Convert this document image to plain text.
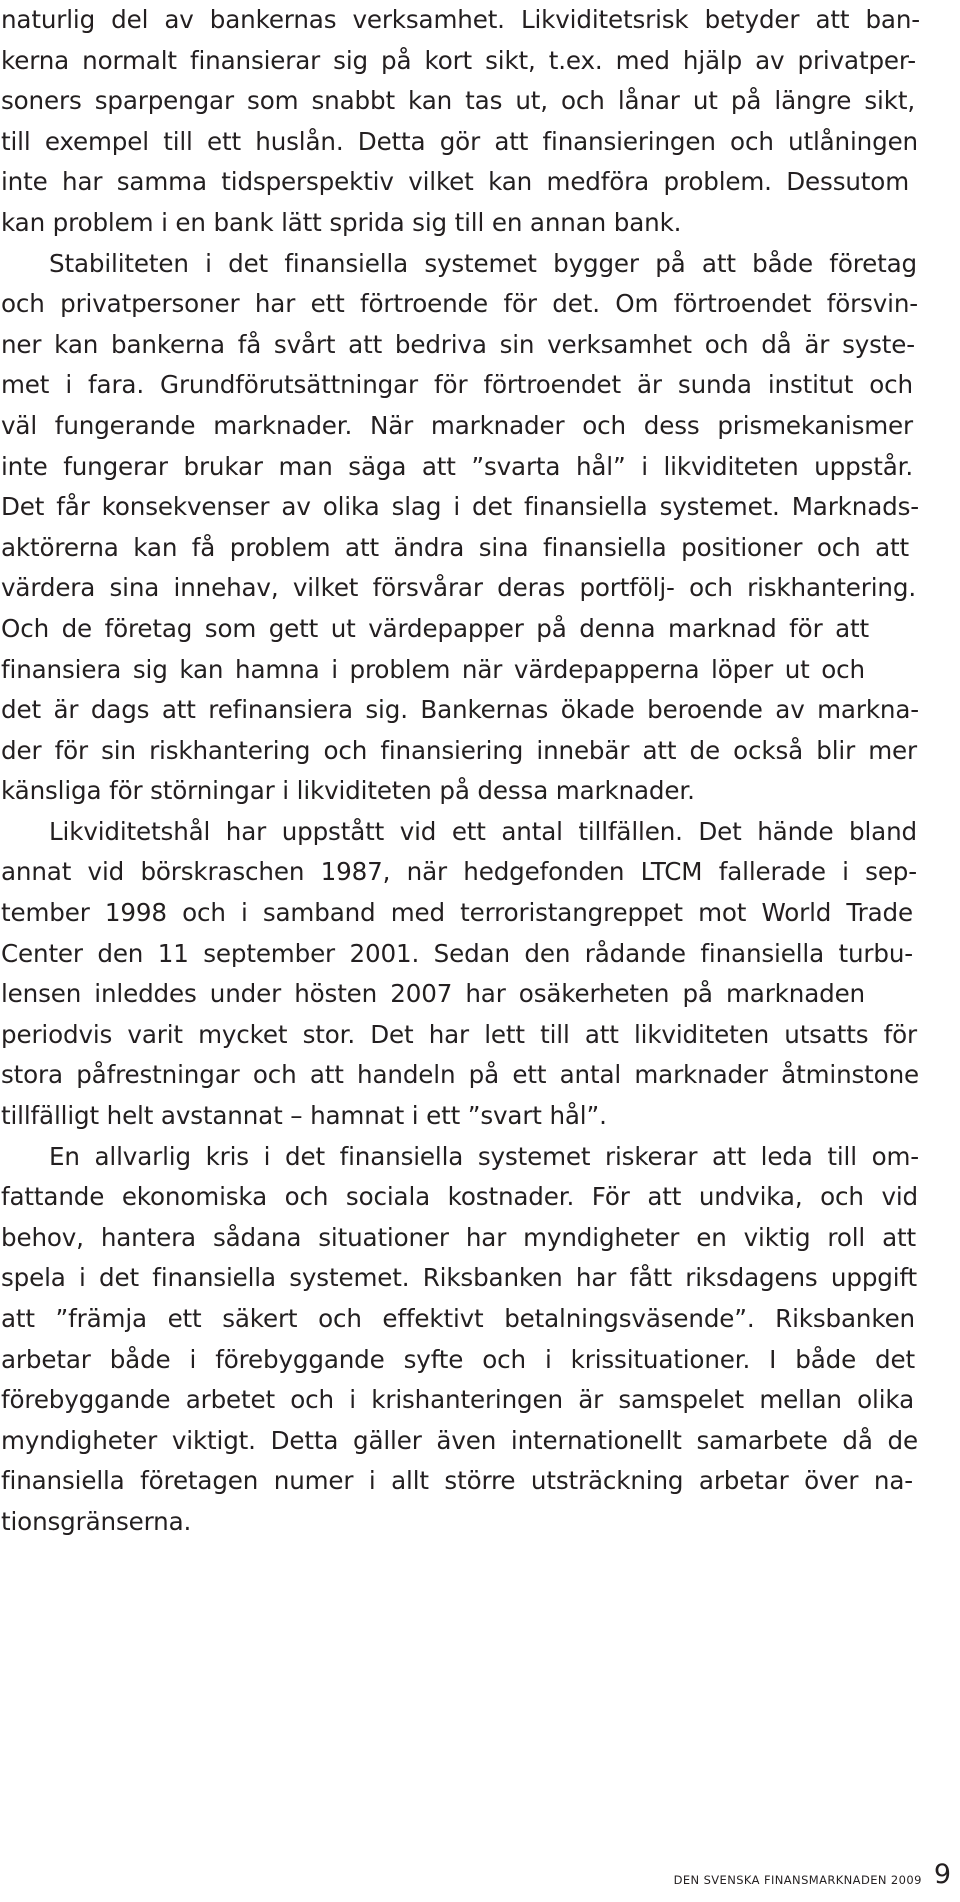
naturlig del av bankernas verksamhet. Likviditetsrisk betyder att ban-
kerna normalt finansierar sig på kort sikt, t.ex. med hjälp av privatper-
soners sparpengar som snabbt kan tas ut, och lånar ut på längre sikt,
till exempel till ett huslån. Detta gör att finansieringen och utlåningen
inte har samma tidsperspektiv vilket kan medföra problem. Dessutom
kan problem i en bank lätt sprida sig till en annan bank.
Stabiliteten i det finansiella systemet bygger på att både företag
och privatpersoner har ett förtroende för det. Om förtroendet försvin-
ner kan bankerna få svårt att bedriva sin verksamhet och då är syste-
met i fara. Grundförutsättningar för förtroendet är sunda institut och
väl fungerande marknader. När marknader och dess prismekanismer
inte fungerar brukar man säga att ”svarta hål” i likviditeten uppstår.
Det får konsekvenser av olika slag i det finansiella systemet. Marknads-
aktörerna kan få problem att ändra sina finansiella positioner och att
värdera sina innehav, vilket försvårar deras portfölj- och riskhantering.
Och de företag som gett ut värdepapper på denna marknad för att
finansiera sig kan hamna i problem när värdepapperna löper ut och
det är dags att refinansiera sig. Bankernas ökade beroende av markna-
der för sin riskhantering och finansiering innebär att de också blir mer
känsliga för störningar i likviditeten på dessa marknader.
Likviditetshål har uppstått vid ett antal tillfällen. Det hände bland
annat vid börskraschen 1987, när hedgefonden LTCM fallerade i sep-
tember 1998 och i samband med terroristangreppet mot World Trade
Center den 11 september 2001. Sedan den rådande finansiella turbu-
lensen inleddes under hösten 2007 har osäkerheten på marknaden
periodvis varit mycket stor. Det har lett till att likviditeten utsatts för
stora påfrestningar och att handeln på ett antal marknader åtminstone
tillfälligt helt avstannat – hamnat i ett ”svart hål”.
En allvarlig kris i det finansiella systemet riskerar att leda till om-
fattande ekonomiska och sociala kostnader. För att undvika, och vid
behov, hantera sådana situationer har myndigheter en viktig roll att
spela i det finansiella systemet. Riksbanken har fått riksdagens uppgift
att ”främja ett säkert och effektivt betalningsväsende”. Riksbanken
arbetar både i förebyggande syfte och i krissituationer. I både det
förebyggande arbetet och i krishanteringen är samspelet mellan olika
myndigheter viktigt. Detta gäller även internationellt samarbete då de
finansiella företagen numer i allt större utsträckning arbetar över na-
tionsgränserna.
DEN SVENSKA FINANSMARKNADEN 2009 9
